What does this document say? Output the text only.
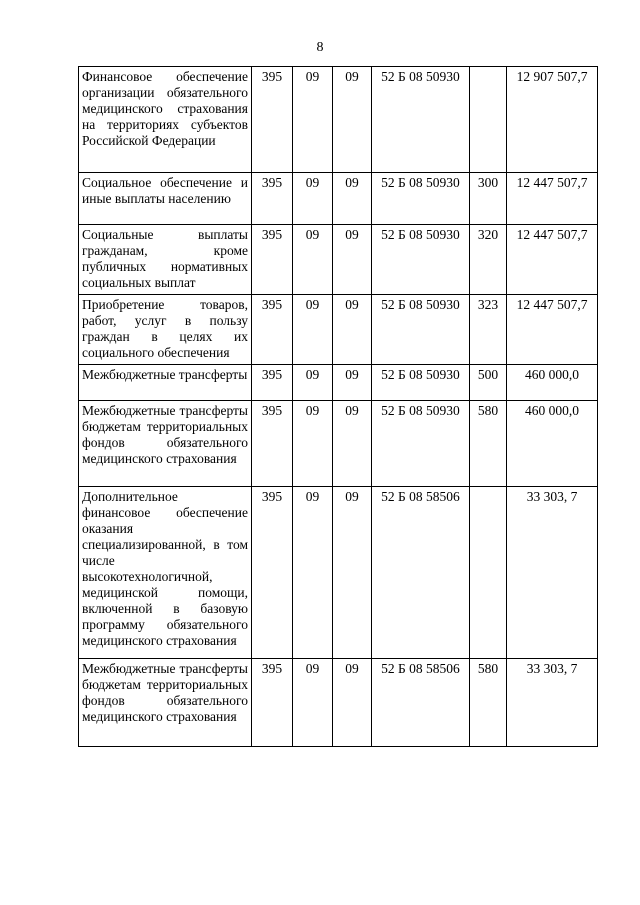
8
Финансовое обеспечение организации обязательного медицинского страхования на территориях субъектов Российской Федерации	395	09	09	52 Б 08 50930		12 907 507,7
Социальное обеспечение и иные выплаты населению	395	09	09	52 Б 08 50930	300	12 447 507,7
Социальные выплаты гражданам, кроме публичных нормативных социальных выплат	395	09	09	52 Б 08 50930	320	12 447 507,7
Приобретение товаров, работ, услуг в пользу граждан в целях их социального обеспечения	395	09	09	52 Б 08 50930	323	12 447 507,7
Межбюджетные трансферты	395	09	09	52 Б 08 50930	500	460 000,0
Межбюджетные трансферты бюджетам территориальных фондов обязательного медицинского страхования	395	09	09	52 Б 08 50930	580	460 000,0
Дополнительное финансовое обеспечение оказания специализированной, в том числе высокотехнологичной, медицинской помощи, включенной в базовую программу обязательного медицинского страхования	395	09	09	52 Б 08 58506		33 303, 7
Межбюджетные трансферты бюджетам территориальных фондов обязательного медицинского страхования	395	09	09	52 Б 08 58506	580	33 303, 7
